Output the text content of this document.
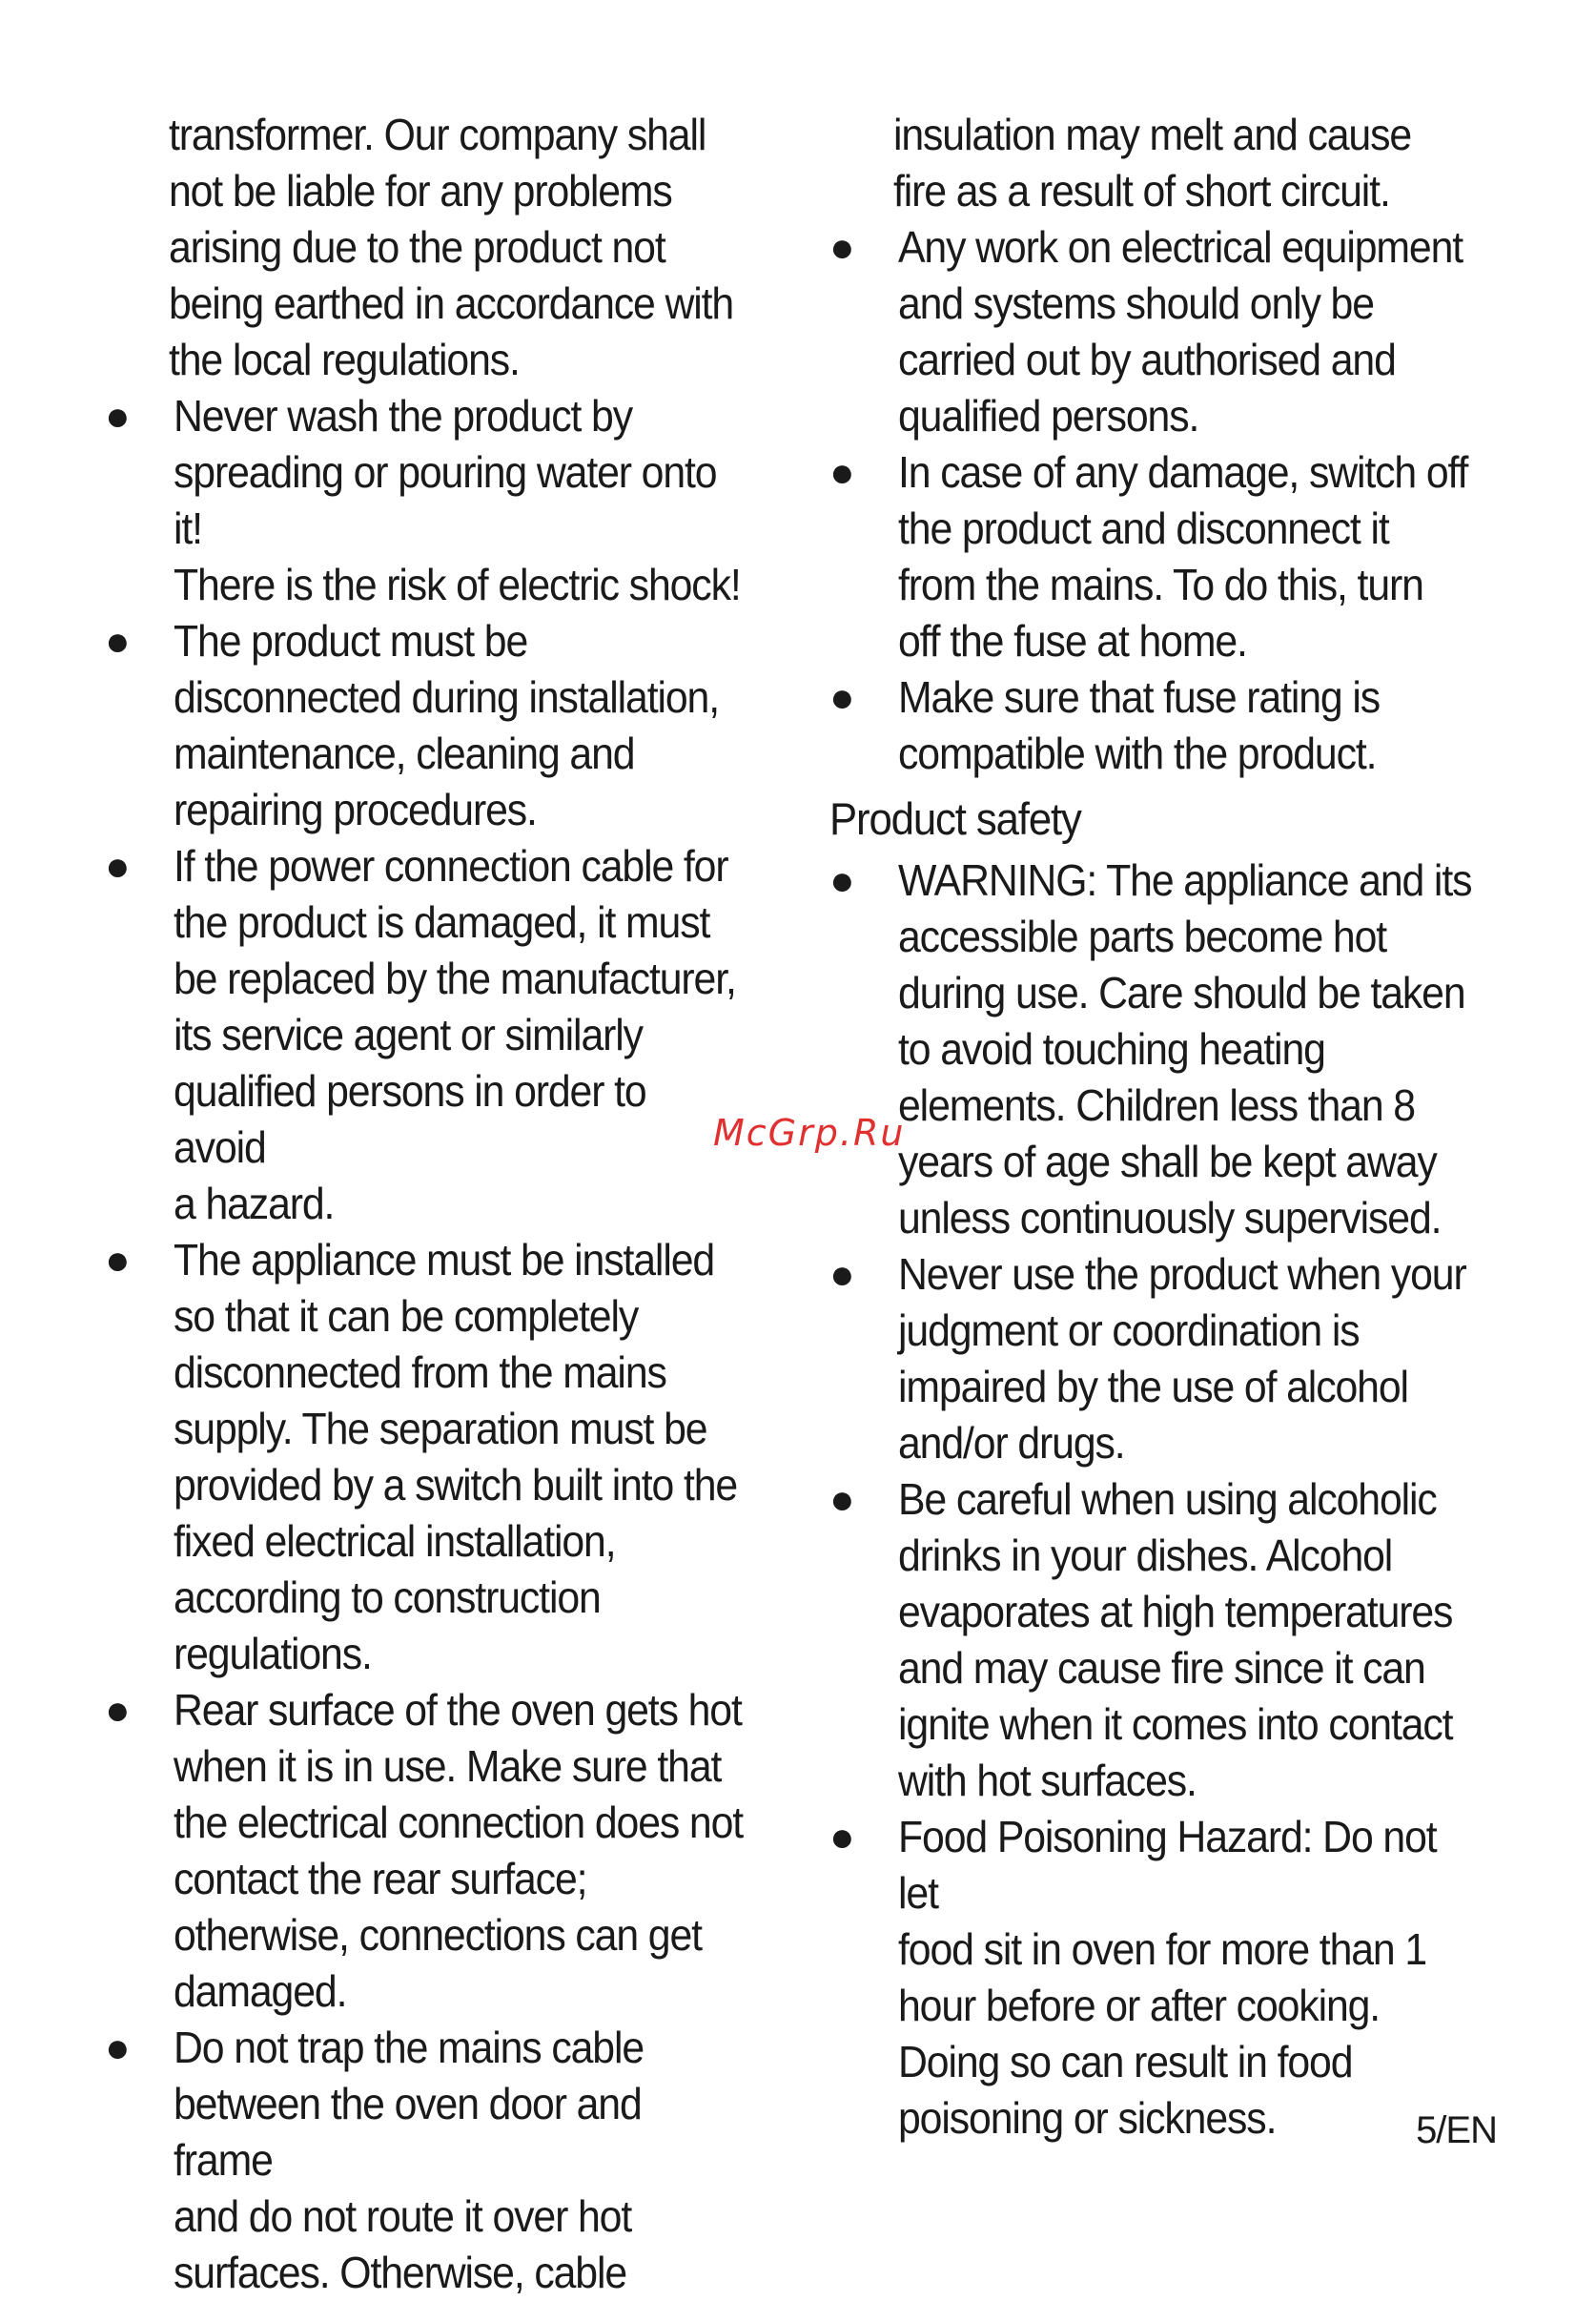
transformer. Our company shall
not be liable for any problems
arising due to the product not
being earthed in accordance with
the local regulations.

● Never wash the product by
spreading or pouring water onto it!
There is the risk of electric shock!
● The product must be
disconnected during installation,
maintenance, cleaning and
repairing procedures.
● If the power connection cable for
the product is damaged, it must
be replaced by the manufacturer,
its service agent or similarly
qualified persons in order to avoid
a hazard.
● The appliance must be installed
so that it can be completely
disconnected from the mains
supply. The separation must be
provided by a switch built into the
fixed electrical installation,
according to construction
regulations.
● Rear surface of the oven gets hot
when it is in use. Make sure that
the electrical connection does not
contact the rear surface;
otherwise, connections can get
damaged.
● Do not trap the mains cable
between the oven door and frame
and do not route it over hot
surfaces. Otherwise, cable

insulation may melt and cause
fire as a result of short circuit.

● Any work on electrical equipment
and systems should only be
carried out by authorised and
qualified persons.
● In case of any damage, switch off
the product and disconnect it
from the mains. To do this, turn
off the fuse at home.
● Make sure that fuse rating is
compatible with the product.
Product safety
● WARNING: The appliance and its
accessible parts become hot
during use. Care should be taken
to avoid touching heating
elements. Children less than 8
years of age shall be kept away
unless continuously supervised.
● Never use the product when your
judgment or coordination is
impaired by the use of alcohol
and/or drugs.
● Be careful when using alcoholic
drinks in your dishes. Alcohol
evaporates at high temperatures
and may cause fire since it can
ignite when it comes into contact
with hot surfaces.
● Food Poisoning Hazard: Do not let
food sit in oven for more than 1
hour before or after cooking.
Doing so can result in food
poisoning or sickness.
McGrp.Ru
5/EN
